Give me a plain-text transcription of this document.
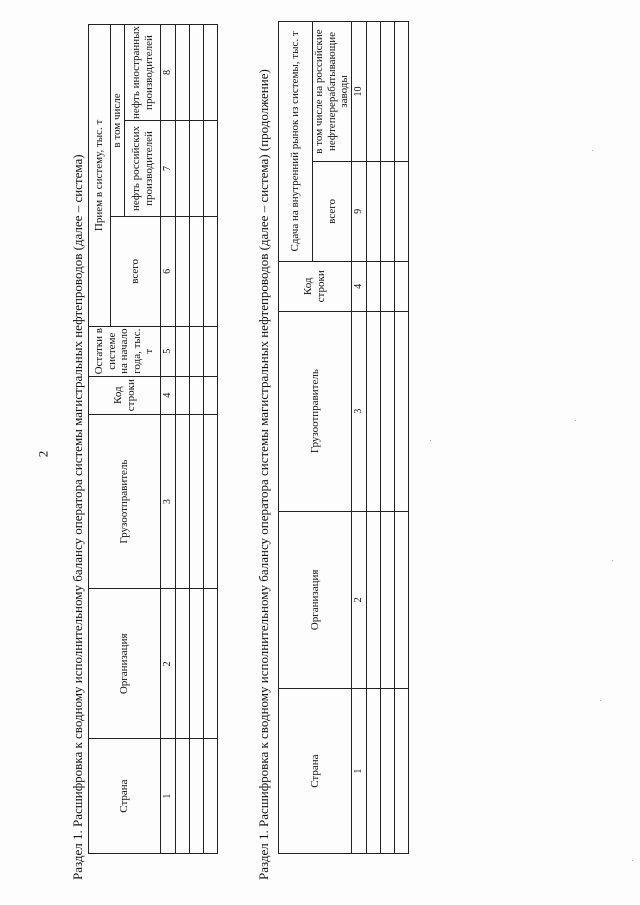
2 Раздел 1. Расшифровка к сводному исполнительному балансу оператора системы магистральных нефтепроводов (далее – система)	Страна	Организация	Грузоотправитель	Код строки	Остатки в системе на начало года, тыс. т	Прием в систему, тыс. т		
					всего	в том числе	
						нефть российских производителей	нефть иностранных производителей
1	2	3	4	5	6	7	8

								Раздел 1. Расшифровка к сводному исполнительному балансу оператора системы магистральных нефтепроводов (далее – система) (продолжение)	Страна	Организация	Грузоотправитель	Код строки	Сдача на внутренний рынок из системы, тыс. т	
				всего	в том числе на российские нефтеперерабатывающие заводы
1	2	3	4	9	10
